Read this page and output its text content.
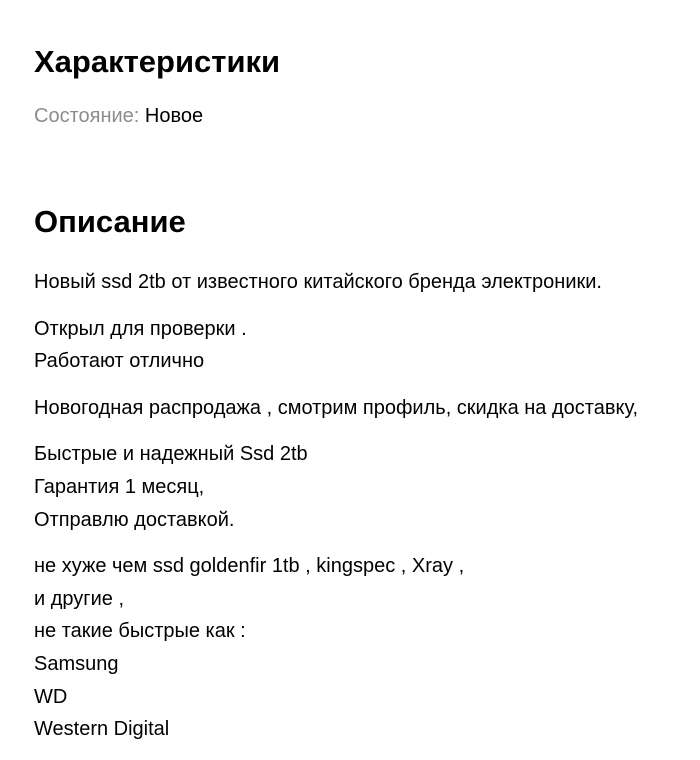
Характеристики
Состояние: Новое
Описание

Новый ssd 2tb от известного китайского бренда электроники.

Открыл для проверки .
Работают отлично

Новогодная распродажа , смотрим профиль, скидка на доставку,

Быстрые и надежный Ssd 2tb
Гарантия 1 месяц,
Отправлю доставкой.

не хуже чем ssd goldenfir 1tb , kingspec , Xray ,
и другие ,
не такие быстрые как :
Samsung
WD
Western Digital
